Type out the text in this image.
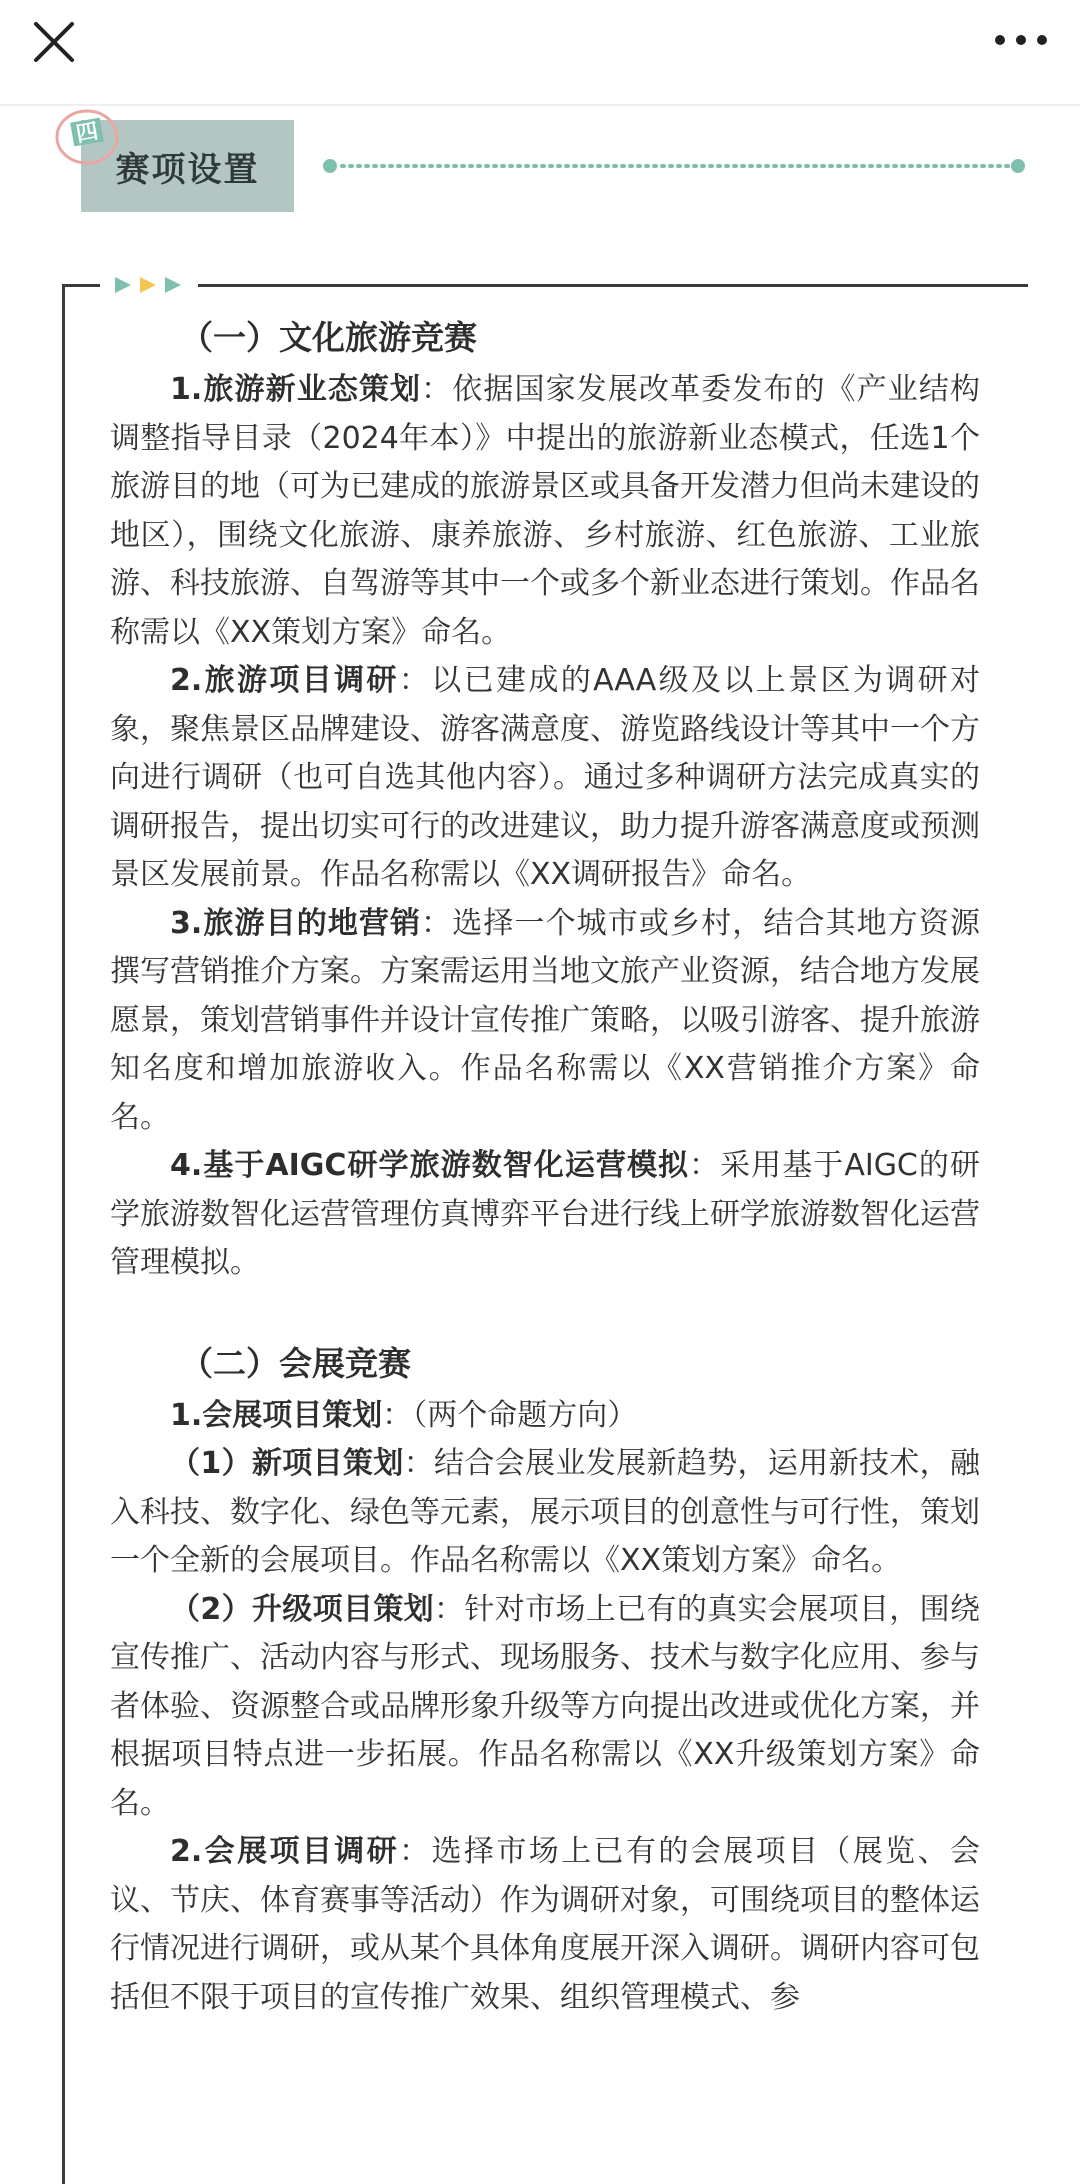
赛项设置
四

（一）文化旅游竞赛

1.旅游新业态策划：依据国家发展改革委发布的《产业结构调整指导目录（2024年本）》中提出的旅游新业态模式，任选1个旅游目的地（可为已建成的旅游景区或具备开发潜力但尚未建设的地区），围绕文化旅游、康养旅游、乡村旅游、红色旅游、工业旅游、科技旅游、自驾游等其中一个或多个新业态进行策划。作品名称需以《XX策划方案》命名。

2.旅游项目调研：以已建成的AAA级及以上景区为调研对象，聚焦景区品牌建设、游客满意度、游览路线设计等其中一个方向进行调研（也可自选其他内容）。通过多种调研方法完成真实的调研报告，提出切实可行的改进建议，助力提升游客满意度或预测景区发展前景。作品名称需以《XX调研报告》命名。

3.旅游目的地营销：选择一个城市或乡村，结合其地方资源撰写营销推介方案。方案需运用当地文旅产业资源，结合地方发展愿景，策划营销事件并设计宣传推广策略，以吸引游客、提升旅游知名度和增加旅游收入。作品名称需以《XX营销推介方案》命名。

4.基于AIGC研学旅游数智化运营模拟：采用基于AIGC的研学旅游数智化运营管理仿真博弈平台进行线上研学旅游数智化运营管理模拟。

（二）会展竞赛

1.会展项目策划：（两个命题方向）

（1）新项目策划：结合会展业发展新趋势，运用新技术，融入科技、数字化、绿色等元素，展示项目的创意性与可行性，策划一个全新的会展项目。作品名称需以《XX策划方案》命名。

（2）升级项目策划：针对市场上已有的真实会展项目，围绕宣传推广、活动内容与形式、现场服务、技术与数字化应用、参与者体验、资源整合或品牌形象升级等方向提出改进或优化方案，并根据项目特点进一步拓展。作品名称需以《XX升级策划方案》命名。

2.会展项目调研：选择市场上已有的会展项目（展览、会议、节庆、体育赛事等活动）作为调研对象，可围绕项目的整体运行情况进行调研，或从某个具体角度展开深入调研。调研内容可包括但不限于项目的宣传推广效果、组织管理模式、参
